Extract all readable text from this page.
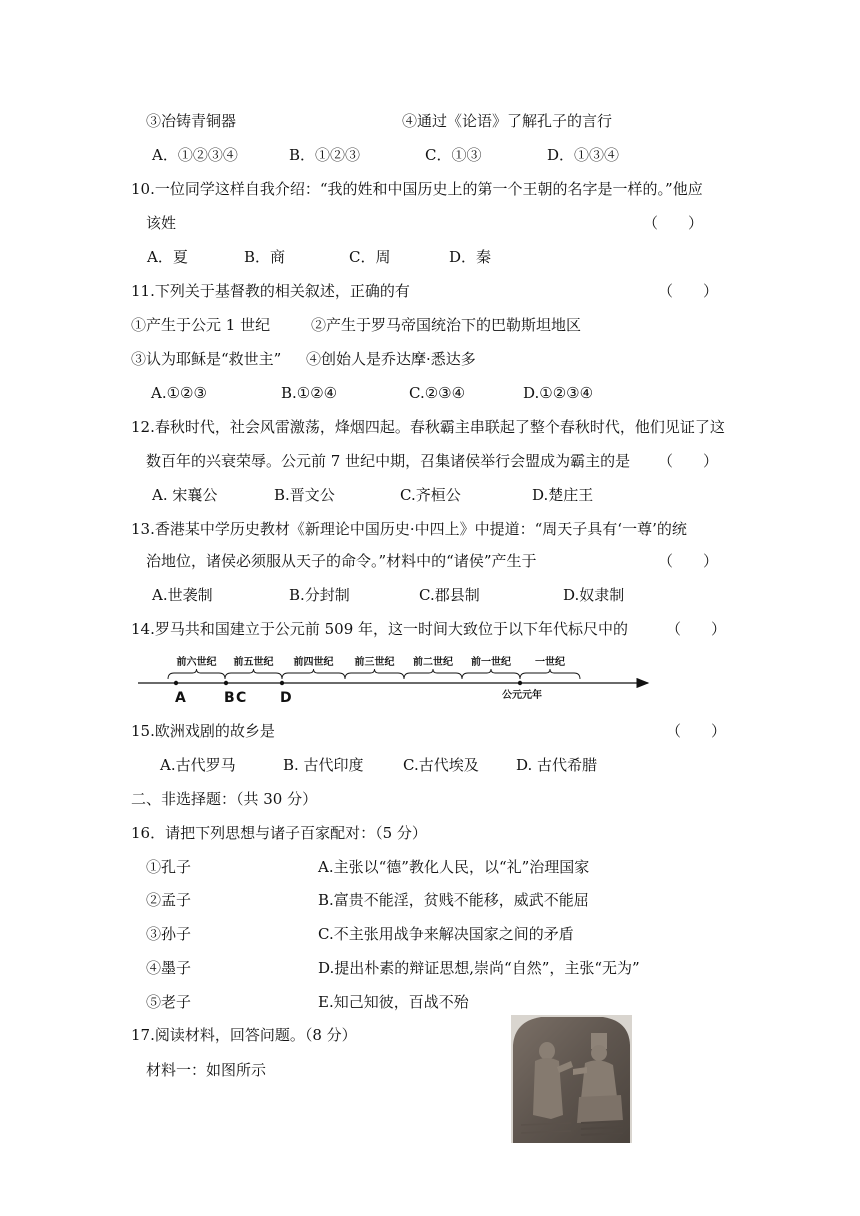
③冶铸青铜器	④通过《论语》了解孔子的言行
A．①②③④	B．①②③	C．①③	D．①③④
10.一位同学这样自我介绍：“我的姓和中国历史上的第一个王朝的名字是一样的。”他应
该姓	（　　）
A．夏	B．商	C．周	D．秦
11.下列关于基督教的相关叙述，正确的有	（　　）
①产生于公元 1 世纪	②产生于罗马帝国统治下的巴勒斯坦地区
③认为耶稣是“救世主” ④创始人是乔达摩·悉达多
A.①②③	B.①②④	C.②③④	D.①②③④
12.春秋时代，社会风雷激荡，烽烟四起。春秋霸主串联起了整个春秋时代，他们见证了这
数百年的兴衰荣辱。公元前 7 世纪中期，召集诸侯举行会盟成为霸主的是 （　　）
A. 宋襄公	B.晋文公	C.齐桓公	D.楚庄王
13.香港某中学历史教材《新理论中国历史·中四上》中提道：“周天子具有‘一尊’的统
治地位，诸侯必须服从天子的命令。”材料中的“诸侯”产生于	（　　）
A.世袭制	B.分封制	C.郡县制	D.奴隶制
14.罗马共和国建立于公元前 509 年，这一时间大致位于以下年代标尺中的	（　　）
前六世纪 前五世纪 前四世纪 前三世纪 前二世纪 前一世纪 一世纪
A	B C D	公元元年
15.欧洲戏剧的故乡是	（　　）
A.古代罗马	B. 古代印度	C.古代埃及 D. 古代希腊
二、非选择题：（共 30 分）
16．请把下列思想与诸子百家配对：（5 分）
①孔子	A.主张以“德”教化人民，以“礼”治理国家
②孟子	B.富贵不能淫，贫贱不能移，威武不能屈
③孙子	C.不主张用战争来解决国家之间的矛盾
④墨子	D.提出朴素的辩证思想,崇尚“自然”，主张“无为”
⑤老子	E.知己知彼，百战不殆
17.阅读材料，回答问题。（8 分）
材料一：如图所示
